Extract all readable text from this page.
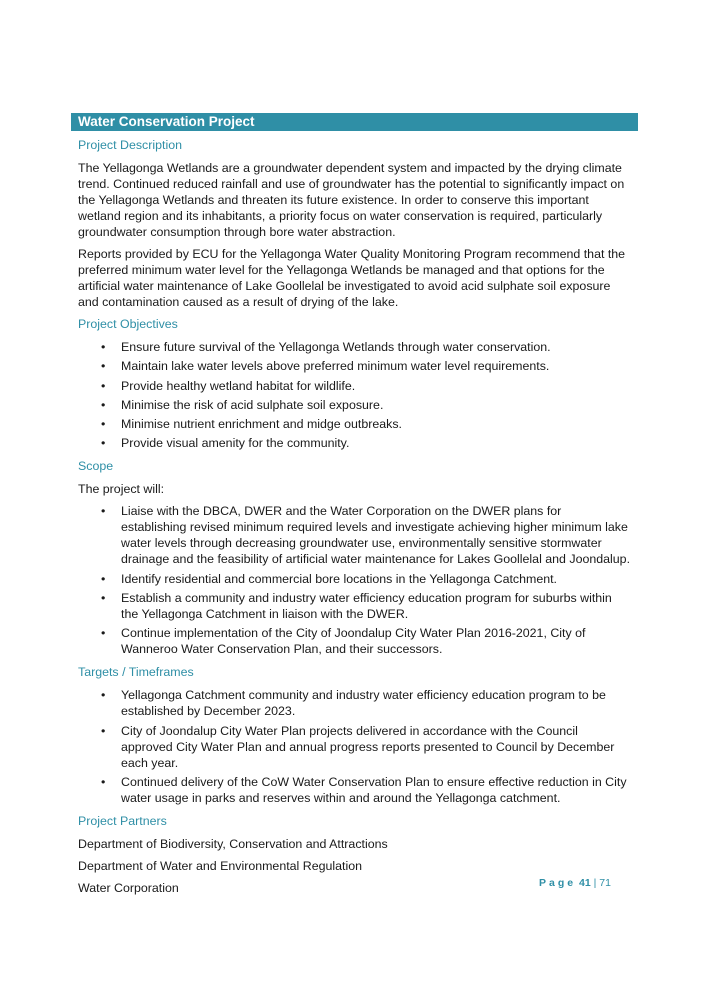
Water Conservation Project
Project Description

The Yellagonga Wetlands are a groundwater dependent system and impacted by the drying climate trend. Continued reduced rainfall and use of groundwater has the potential to significantly impact on the Yellagonga Wetlands and threaten its future existence. In order to conserve this important wetland region and its inhabitants, a priority focus on water conservation is required, particularly groundwater consumption through bore water abstraction.

Reports provided by ECU for the Yellagonga Water Quality Monitoring Program recommend that the preferred minimum water level for the Yellagonga Wetlands be managed and that options for the artificial water maintenance of Lake Goollelal be investigated to avoid acid sulphate soil exposure and contamination caused as a result of drying of the lake.

Project Objectives
• Ensure future survival of the Yellagonga Wetlands through water conservation.
• Maintain lake water levels above preferred minimum water level requirements.
• Provide healthy wetland habitat for wildlife.
• Minimise the risk of acid sulphate soil exposure.
• Minimise nutrient enrichment and midge outbreaks.
• Provide visual amenity for the community.
Scope

The project will:

• Liaise with the DBCA, DWER and the Water Corporation on the DWER plans for establishing revised minimum required levels and investigate achieving higher minimum lake water levels through decreasing groundwater use, environmentally sensitive stormwater drainage and the feasibility of artificial water maintenance for Lakes Goollelal and Joondalup.
• Identify residential and commercial bore locations in the Yellagonga Catchment.
• Establish a community and industry water efficiency education program for suburbs within the Yellagonga Catchment in liaison with the DWER.
• Continue implementation of the City of Joondalup City Water Plan 2016-2021, City of Wanneroo Water Conservation Plan, and their successors.
Targets / Timeframes
• Yellagonga Catchment community and industry water efficiency education program to be established by December 2023.
• City of Joondalup City Water Plan projects delivered in accordance with the Council approved City Water Plan and annual progress reports presented to Council by December each year.
• Continued delivery of the CoW Water Conservation Plan to ensure effective reduction in City water usage in parks and reserves within and around the Yellagonga catchment.
Project Partners

Department of Biodiversity, Conservation and Attractions

Department of Water and Environmental Regulation

Water Corporation	Page 41 | 71
